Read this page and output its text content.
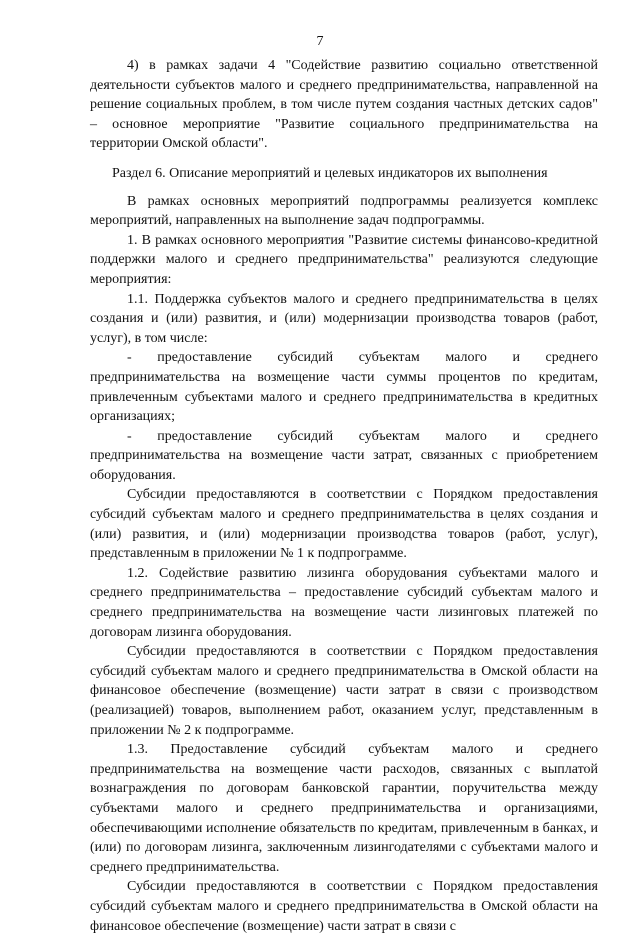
7

4) в рамках задачи 4 "Содействие развитию социально ответственной деятельности субъектов малого и среднего предпринимательства, направленной на решение социальных проблем, в том числе путем создания частных детских садов" – основное мероприятие "Развитие социального предпринимательства на территории Омской области".

Раздел 6. Описание мероприятий и целевых индикаторов их выполнения

В рамках основных мероприятий подпрограммы реализуется комплекс мероприятий, направленных на выполнение задач подпрограммы.

1. В рамках основного мероприятия "Развитие системы финансово-кредитной поддержки малого и среднего предпринимательства" реализуются следующие мероприятия:

1.1. Поддержка субъектов малого и среднего предпринимательства в целях создания и (или) развития, и (или) модернизации производства товаров (работ, услуг), в том числе:

- предоставление субсидий субъектам малого и среднего предпринимательства на возмещение части суммы процентов по кредитам, привлеченным субъектами малого и среднего предпринимательства в кредитных организациях;

- предоставление субсидий субъектам малого и среднего предпринимательства на возмещение части затрат, связанных с приобретением оборудования.

Субсидии предоставляются в соответствии с Порядком предоставления субсидий субъектам малого и среднего предпринимательства в целях создания и (или) развития, и (или) модернизации производства товаров (работ, услуг), представленным в приложении № 1 к подпрограмме.

1.2. Содействие развитию лизинга оборудования субъектами малого и среднего предпринимательства – предоставление субсидий субъектам малого и среднего предпринимательства на возмещение части лизинговых платежей по договорам лизинга оборудования.

Субсидии предоставляются в соответствии с Порядком предоставления субсидий субъектам малого и среднего предпринимательства в Омской области на финансовое обеспечение (возмещение) части затрат в связи с производством (реализацией) товаров, выполнением работ, оказанием услуг, представленным в приложении № 2 к подпрограмме.

1.3. Предоставление субсидий субъектам малого и среднего предпринимательства на возмещение части расходов, связанных с выплатой вознаграждения по договорам банковской гарантии, поручительства между субъектами малого и среднего предпринимательства и организациями, обеспечивающими исполнение обязательств по кредитам, привлеченным в банках, и (или) по договорам лизинга, заключенным лизингодателями с субъектами малого и среднего предпринимательства.

Субсидии предоставляются в соответствии с Порядком предоставления субсидий субъектам малого и среднего предпринимательства в Омской области на финансовое обеспечение (возмещение) части затрат в связи с
